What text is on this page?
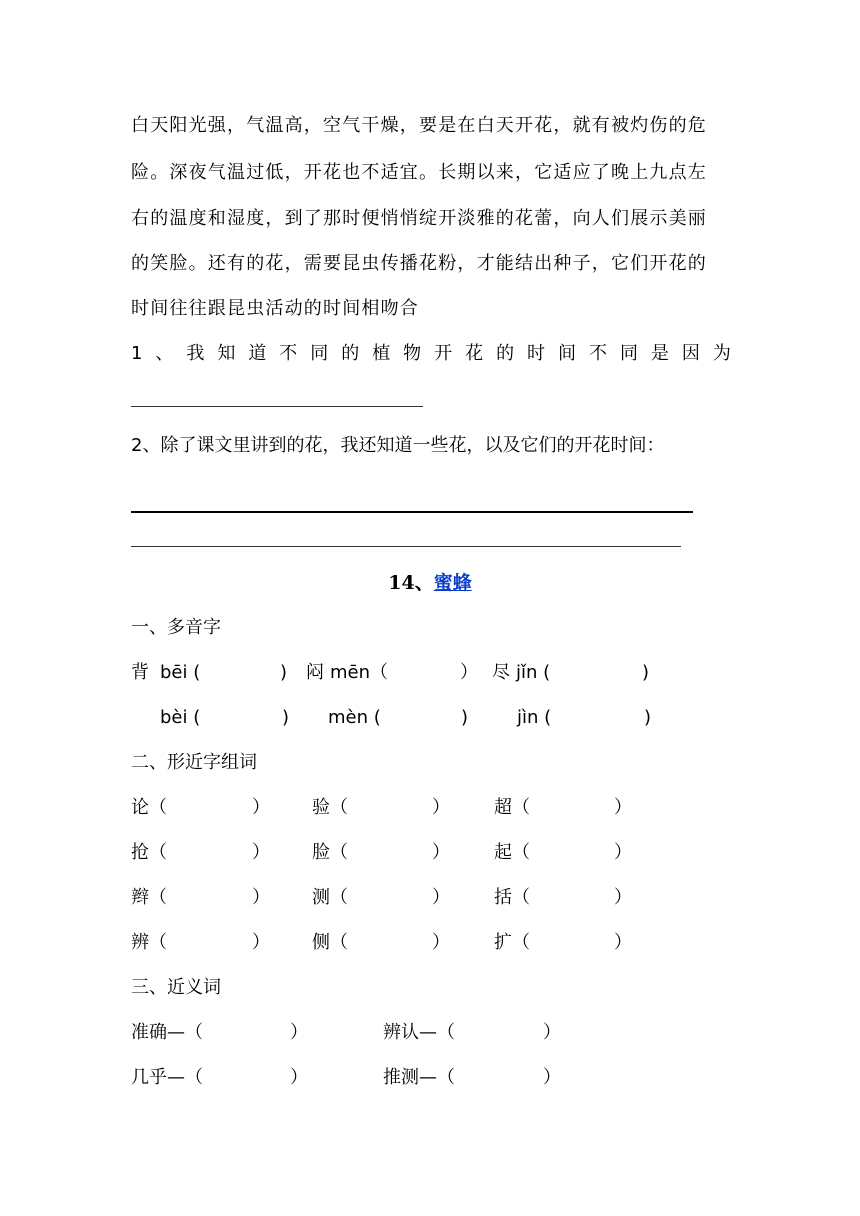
白天阳光强，气温高，空气干燥，要是在白天开花，就有被灼伤的危
险。深夜气温过低，开花也不适宜。长期以来，它适应了晚上九点左
右的温度和湿度，到了那时便悄悄绽开淡雅的花蕾，向人们展示美丽
的笑脸。还有的花，需要昆虫传播花粉，才能结出种子，它们开花的
时间往往跟昆虫活动的时间相吻合
1 、 我 知 道 不 同 的 植 物 开 花 的 时 间 不 同 是 因 为
2、除了课文里讲到的花，我还知道一些花，以及它们的开花时间：
14、蜜蜂
一、多音字
背 bēi (	) 闷 mēn（	） 尽 jǐn (	)
bèi (	) mèn (	)	jìn (	)
二、形近字组词
论（	） 验（	） 超（	）
抢（	） 脸（	） 起（	）
辫（	） 测（	） 括（	）
辨（	） 侧（	） 扩（	）
三、近义词
准确—（	）	辨认—（	）
几乎—（	）	推测—（	）
